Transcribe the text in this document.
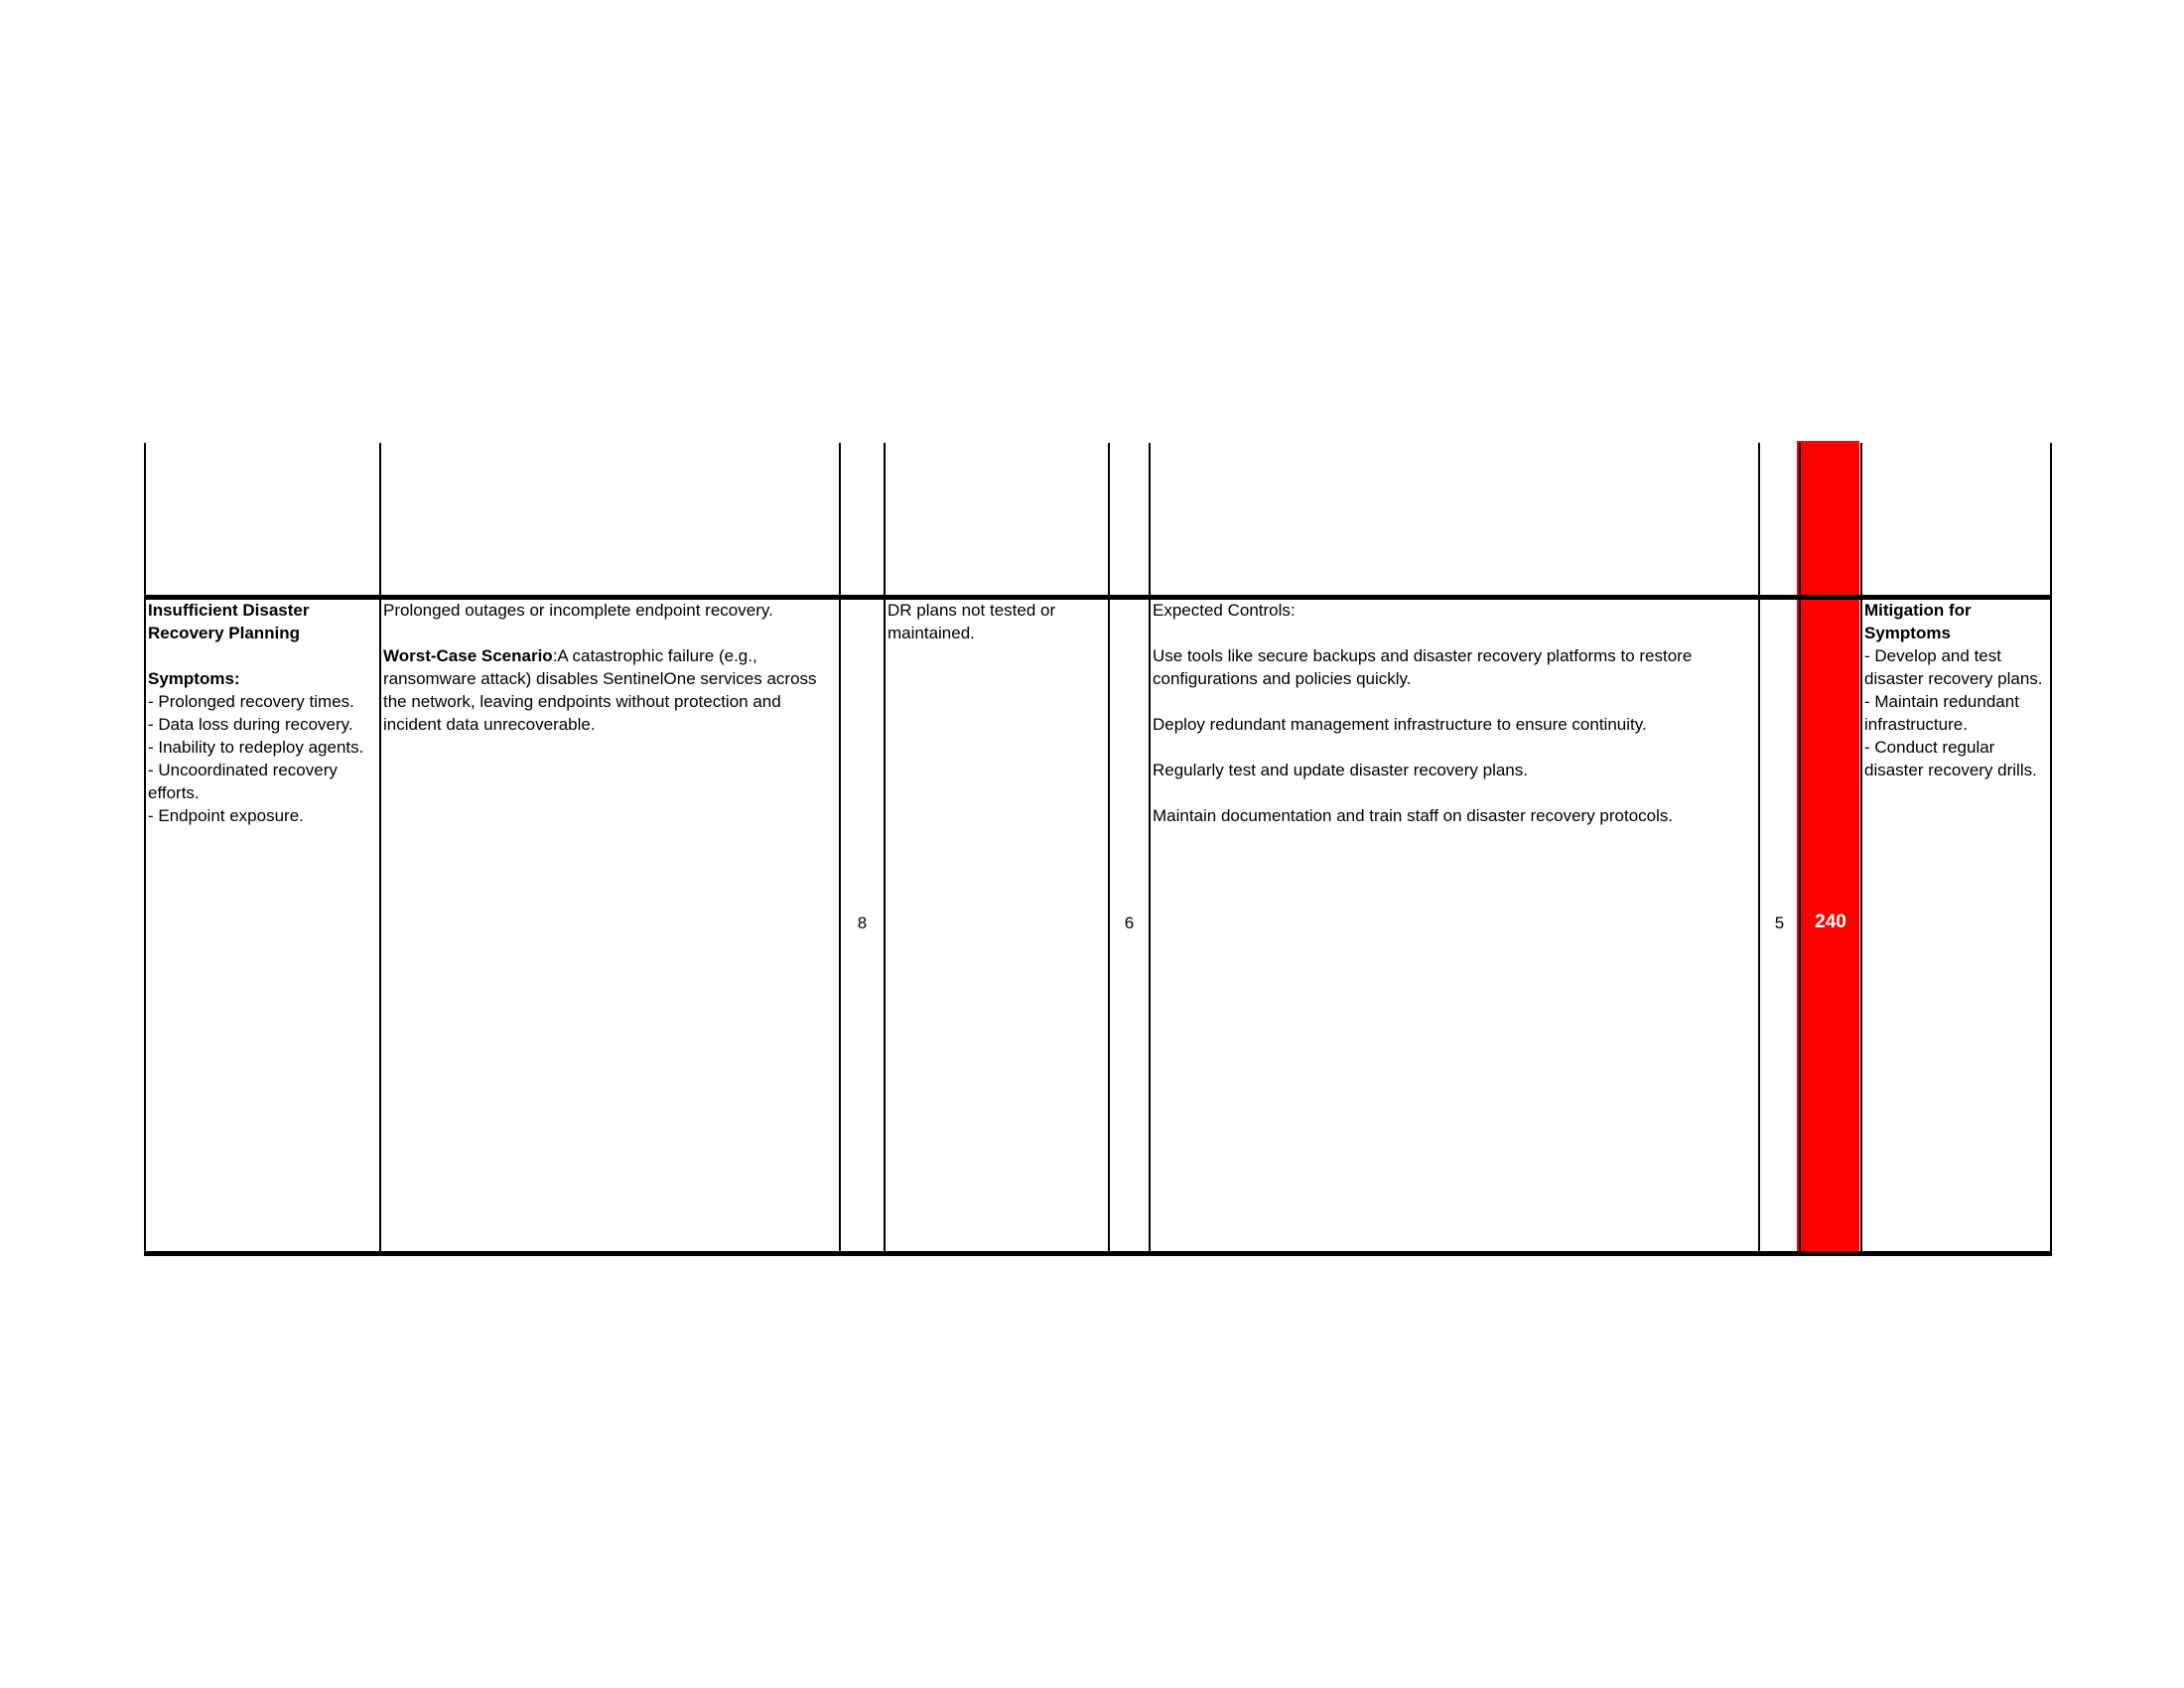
Insufficient Disaster Recovery Planning

Symptoms:

- Prolonged recovery times.

- Data loss during recovery.

- Inability to redeploy agents.

- Uncoordinated recovery efforts.

- Endpoint exposure.

Prolonged outages or incomplete endpoint recovery.

Worst-Case Scenario:A catastrophic failure (e.g., ransomware attack) disables SentinelOne services across the network, leaving endpoints without protection and incident data unrecoverable.

8
DR plans not tested or maintained.
6

Expected Controls:

Use tools like secure backups and disaster recovery platforms to restore configurations and policies quickly.

Deploy redundant management infrastructure to ensure continuity.

Regularly test and update disaster recovery plans.

Maintain documentation and train staff on disaster recovery protocols.

5	240

Mitigation for Symptoms

- Develop and test disaster recovery plans.

- Maintain redundant infrastructure.

- Conduct regular disaster recovery drills.
